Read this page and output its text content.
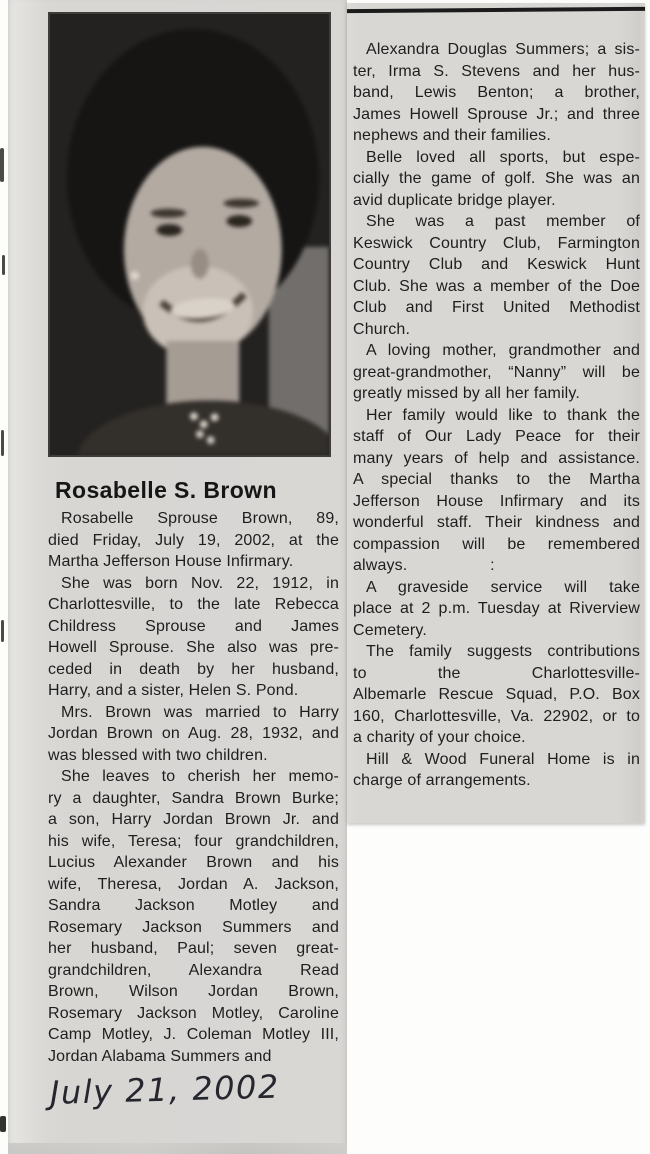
Rosabelle S. Brown
Rosabelle Sprouse Brown, 89,
died Friday, July 19, 2002, at the
Martha Jefferson House Infirmary.
She was born Nov. 22, 1912, in
Charlottesville, to the late Rebecca
Childress Sprouse and James
Howell Sprouse. She also was pre-
ceded in death by her husband,
Harry, and a sister, Helen S. Pond.
Mrs. Brown was married to Harry
Jordan Brown on Aug. 28, 1932, and
was blessed with two children.
She leaves to cherish her memo-
ry a daughter, Sandra Brown Burke;
a son, Harry Jordan Brown Jr. and
his wife, Teresa; four grandchildren,
Lucius Alexander Brown and his
wife, Theresa, Jordan A. Jackson,
Sandra Jackson Motley and
Rosemary Jackson Summers and
her husband, Paul; seven great-
grandchildren, Alexandra Read
Brown, Wilson Jordan Brown,
Rosemary Jackson Motley, Caroline
Camp Motley, J. Coleman Motley III,
Jordan Alabama Summers and
July 21, 2002
Alexandra Douglas Summers; a sis-
ter, Irma S. Stevens and her hus-
band, Lewis Benton; a brother,
James Howell Sprouse Jr.; and three
nephews and their families.
Belle loved all sports, but espe-
cially the game of golf. She was an
avid duplicate bridge player.
She was a past member of
Keswick Country Club, Farmington
Country Club and Keswick Hunt
Club. She was a member of the Doe
Club and First United Methodist
Church.
A loving mother, grandmother and
great-grandmother, “Nanny” will be
greatly missed by all her family.
Her family would like to thank the
staff of Our Lady Peace for their
many years of help and assistance.
A special thanks to the Martha
Jefferson House Infirmary and its
wonderful staff. Their kindness and
compassion will be remembered
always.                  :
A graveside service will take
place at 2 p.m. Tuesday at Riverview
Cemetery.
The family suggests contributions
to the Charlottesville-
Albemarle Rescue Squad, P.O. Box
160, Charlottesville, Va. 22902, or to
a charity of your choice.
Hill & Wood Funeral Home is in
charge of arrangements.
